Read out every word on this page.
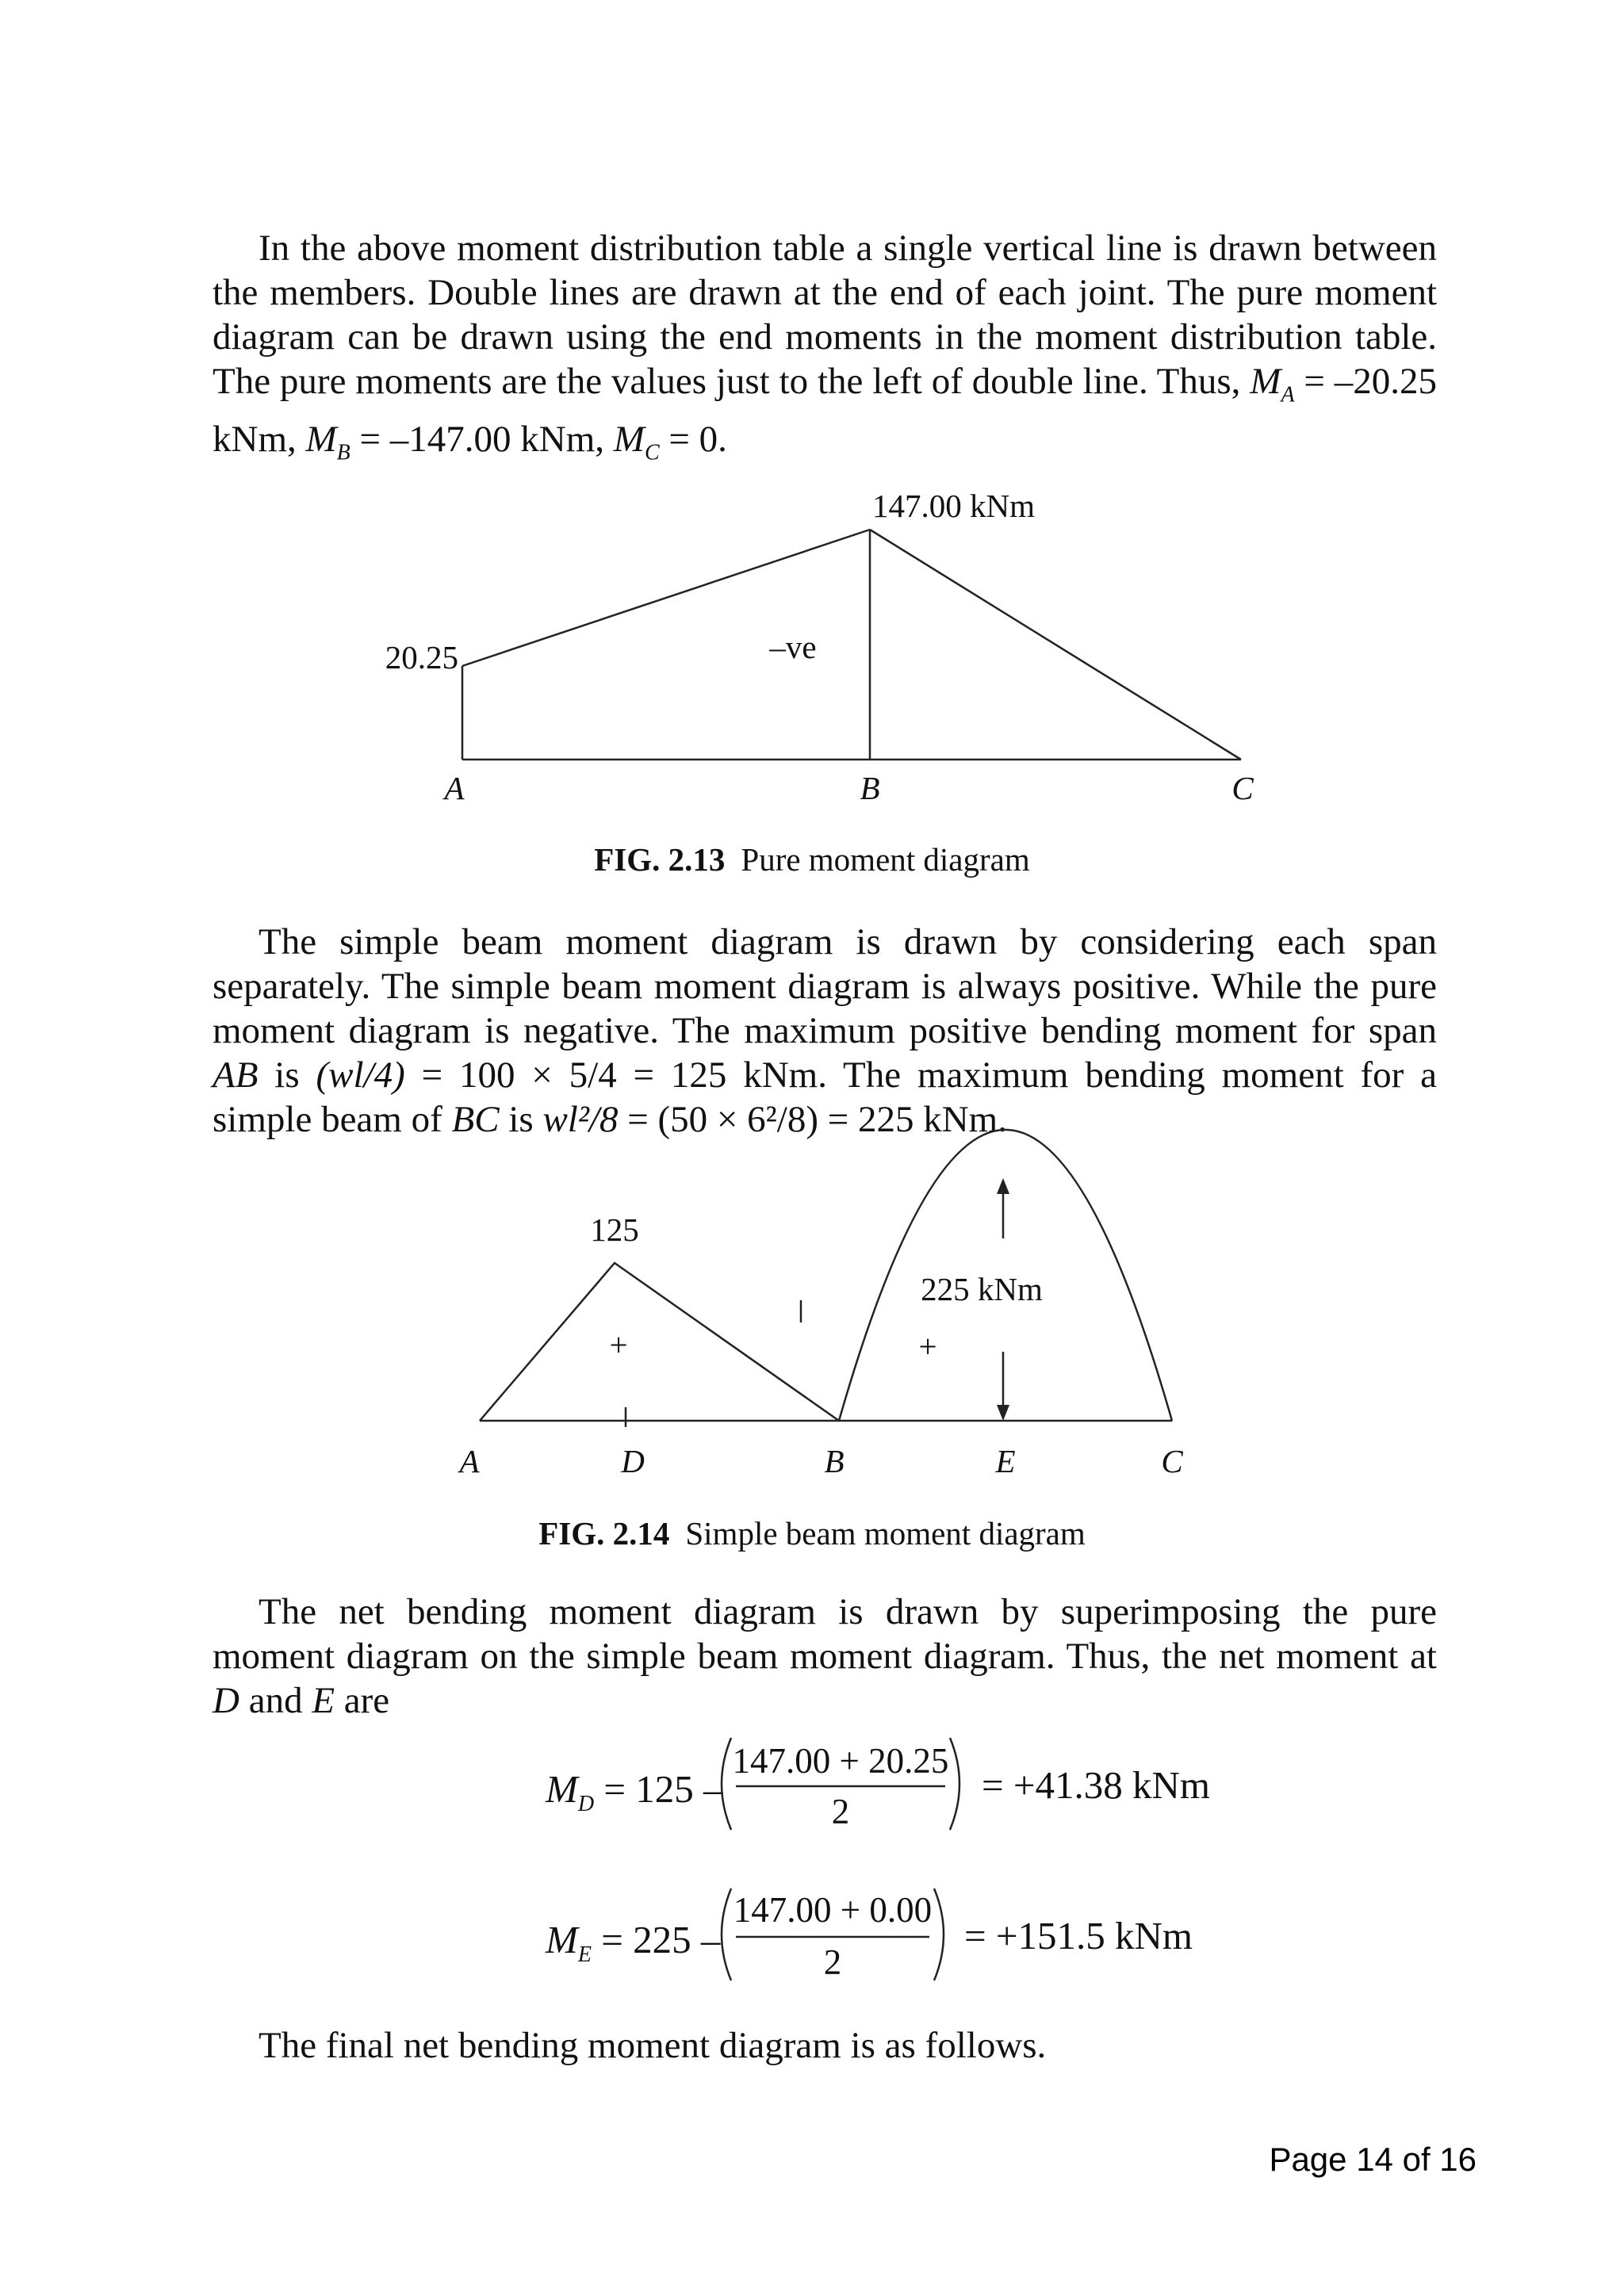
In the above moment distribution table a single vertical line is drawn between the members. Double lines are drawn at the end of each joint. The pure moment diagram can be drawn using the end moments in the moment distribution table. The pure moments are the values just to the left of double line. Thus, $M_A = -20.25$ kNm, $M_B = -147.00$ kNm, $M_C = 0$.

147.00 kNm
20.25	–ve
A	B	C
FIG. 2.13 Pure moment diagram

The simple beam moment diagram is drawn by considering each span separately. The simple beam moment diagram is always positive. While the pure moment diagram is negative. The maximum positive bending moment for span AB is (wl/4) = 100 × 5/4 = 125 kNm. The maximum bending moment for a simple beam of BC is wl²/8 = (50 × 6²/8) = 225 kNm.

125
225 kNm
+	+
A	D	B	E	C
FIG. 2.14 Simple beam moment diagram

The net bending moment diagram is drawn by superimposing the pure moment diagram on the simple beam moment diagram. Thus, the net moment at D and E are

$M_D = 125$ –
147.00 + 20.25
2
= +41.38 kNm
$M_E = 225$ –
147.00 + 0.00
2
= +151.5 kNm

The final net bending moment diagram is as follows.

Page 14 of 16
